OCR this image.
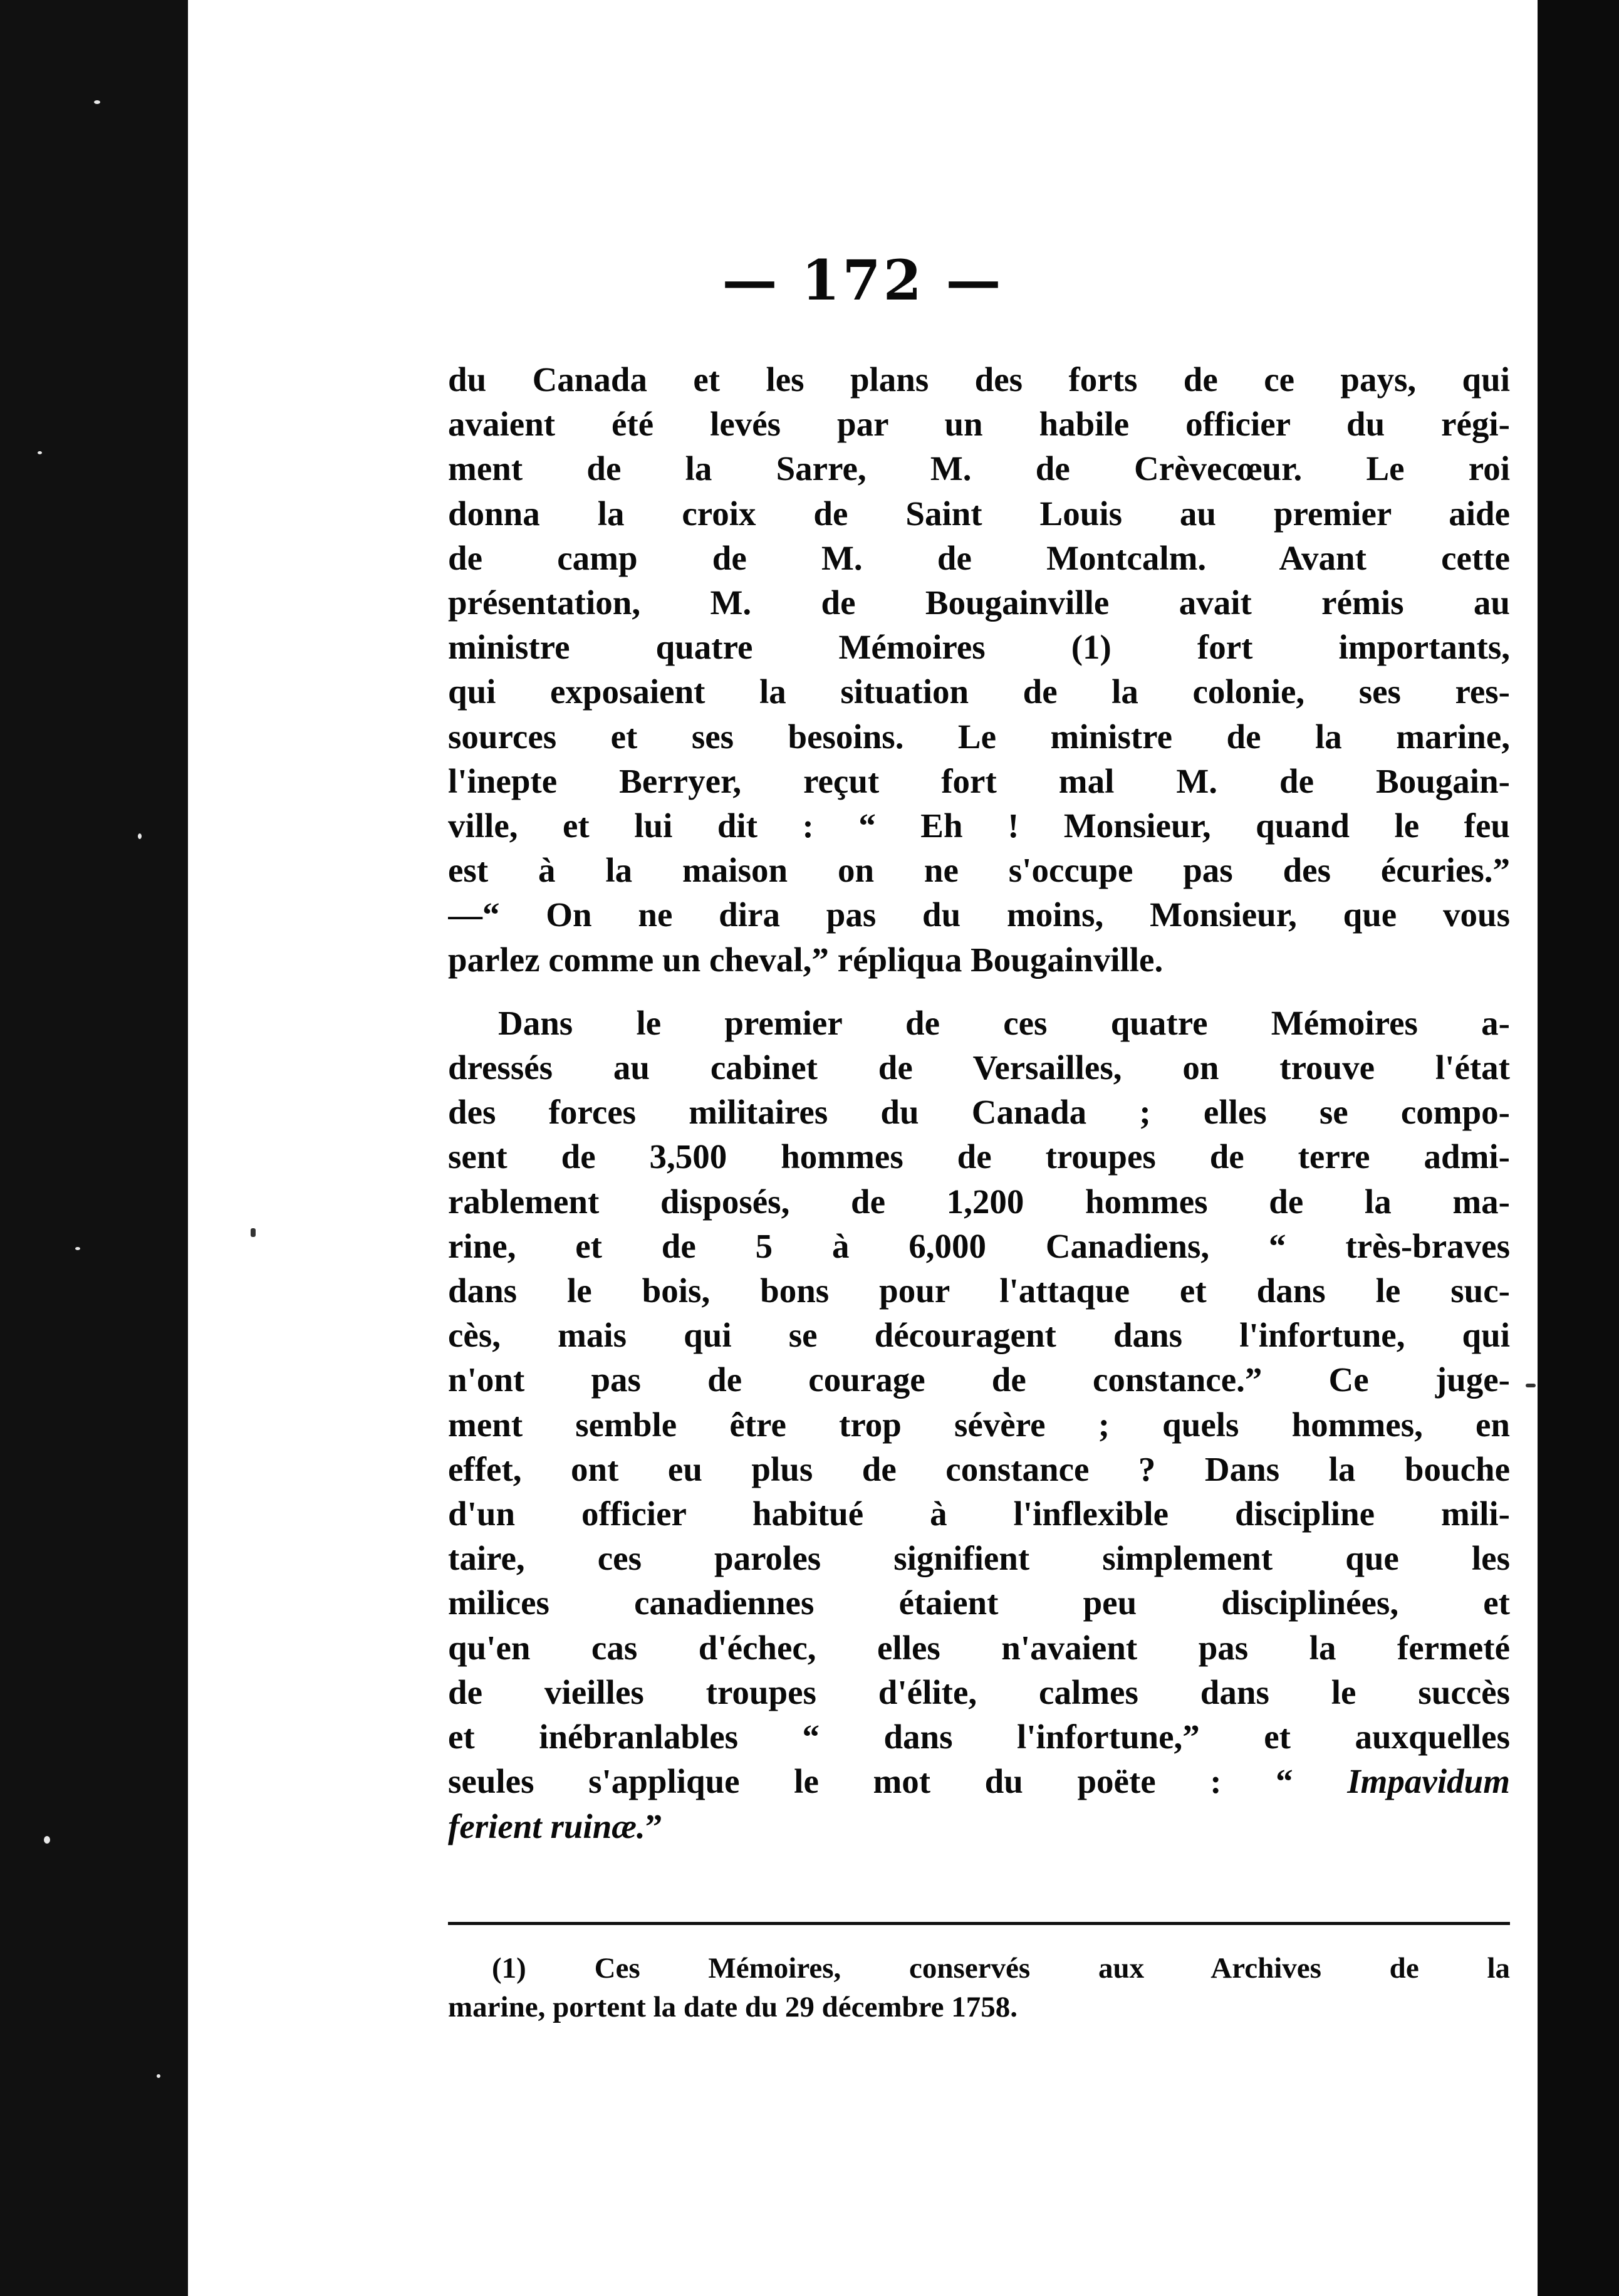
— 172 —
du Canada et les plans des forts de ce pays, qui
avaient été levés par un habile officier du régi-
ment de la Sarre, M. de Crèvecœur. Le roi
donna la croix de Saint Louis au premier aide
de camp de M. de Montcalm. Avant cette
présentation, M. de Bougainville avait rémis au
ministre quatre Mémoires (1) fort importants,
qui exposaient la situation de la colonie, ses res-
sources et ses besoins. Le ministre de la marine,
l'inepte Berryer, reçut fort mal M. de Bougain-
ville, et lui dit : “ Eh ! Monsieur, quand le feu
est à la maison on ne s'occupe pas des écuries.”
—“ On ne dira pas du moins, Monsieur, que vous
parlez comme un cheval,” répliqua Bougainville.
Dans le premier de ces quatre Mémoires a-
dressés au cabinet de Versailles, on trouve l'état
des forces militaires du Canada ; elles se compo-
sent de 3,500 hommes de troupes de terre admi-
rablement disposés, de 1,200 hommes de la ma-
rine, et de 5 à 6,000 Canadiens, “ très-braves
dans le bois, bons pour l'attaque et dans le suc-
cès, mais qui se découragent dans l'infortune, qui
n'ont pas de courage de constance.” Ce juge-
ment semble être trop sévère ; quels hommes, en
effet, ont eu plus de constance ? Dans la bouche
d'un officier habitué à l'inflexible discipline mili-
taire, ces paroles signifient simplement que les
milices canadiennes étaient peu disciplinées, et
qu'en cas d'échec, elles n'avaient pas la fermeté
de vieilles troupes d'élite, calmes dans le succès
et inébranlables “ dans l'infortune,” et auxquelles
seules s'applique le mot du poëte : “ Impavidum
ferient ruinæ.”
(1) Ces Mémoires, conservés aux Archives de la
marine, portent la date du 29 décembre 1758.
